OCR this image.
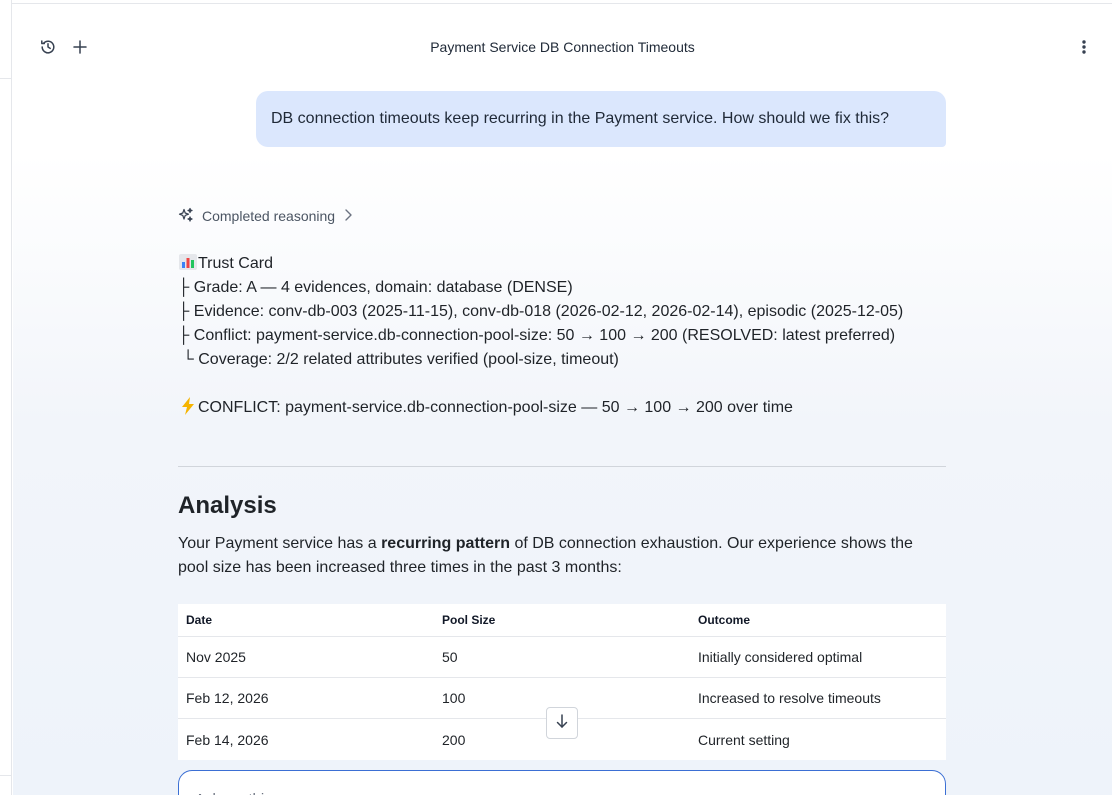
Payment Service DB Connection Timeouts
DB connection timeouts keep recurring in the Payment service. How should we fix this?
Completed reasoning
Trust Card
├ Grade: A — 4 evidences, domain: database (DENSE)
├ Evidence: conv-db-003 (2025-11-15), conv-db-018 (2026-02-12, 2026-02-14), episodic (2025-12-05)
├ Conflict: payment-service.db-connection-pool-size: 50 → 100 → 200 (RESOLVED: latest preferred)
└ Coverage: 2/2 related attributes verified (pool-size, timeout)
CONFLICT: payment-service.db-connection-pool-size — 50 → 100 → 200 over time
Analysis
Your Payment service has a recurring pattern of DB connection exhaustion. Our experience shows the pool size has been increased three times in the past 3 months:
Date	Pool Size	Outcome
Nov 2025	50	Initially considered optimal
Feb 12, 2026	100	Increased to resolve timeouts
Feb 14, 2026	200	Current setting
Ask anything
